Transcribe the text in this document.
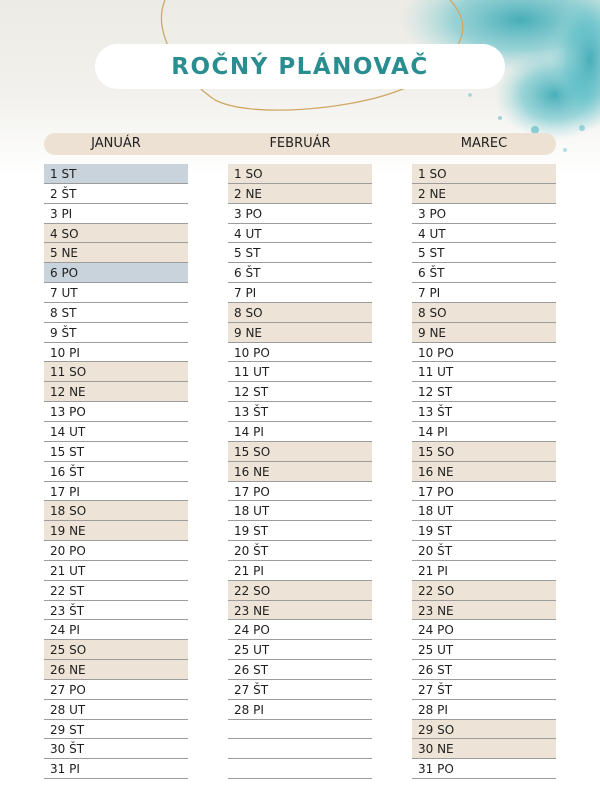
ROČNÝ PLÁNOVAČ
JANUÁR	FEBRUÁR	MAREC
1 ST
2 ŠT
3 PI
4 SO
5 NE
6 PO
7 UT
8 ST
9 ŠT
10 PI
11 SO
12 NE
13 PO
14 UT
15 ST
16 ŠT
17 PI
18 SO
19 NE
20 PO
21 UT
22 ST
23 ŠT
24 PI
25 SO
26 NE
27 PO
28 UT
29 ST
30 ŠT
31 PI
1 SO
2 NE
3 PO
4 UT
5 ST
6 ŠT
7 PI
8 SO
9 NE
10 PO
11 UT
12 ST
13 ŠT
14 PI
15 SO
16 NE
17 PO
18 UT
19 ST
20 ŠT
21 PI
22 SO
23 NE
24 PO
25 UT
26 ST
27 ŠT
28 PI
1 SO
2 NE
3 PO
4 UT
5 ST
6 ŠT
7 PI
8 SO
9 NE
10 PO
11 UT
12 ST
13 ŠT
14 PI
15 SO
16 NE
17 PO
18 UT
19 ST
20 ŠT
21 PI
22 SO
23 NE
24 PO
25 UT
26 ST
27 ŠT
28 PI
29 SO
30 NE
31 PO
